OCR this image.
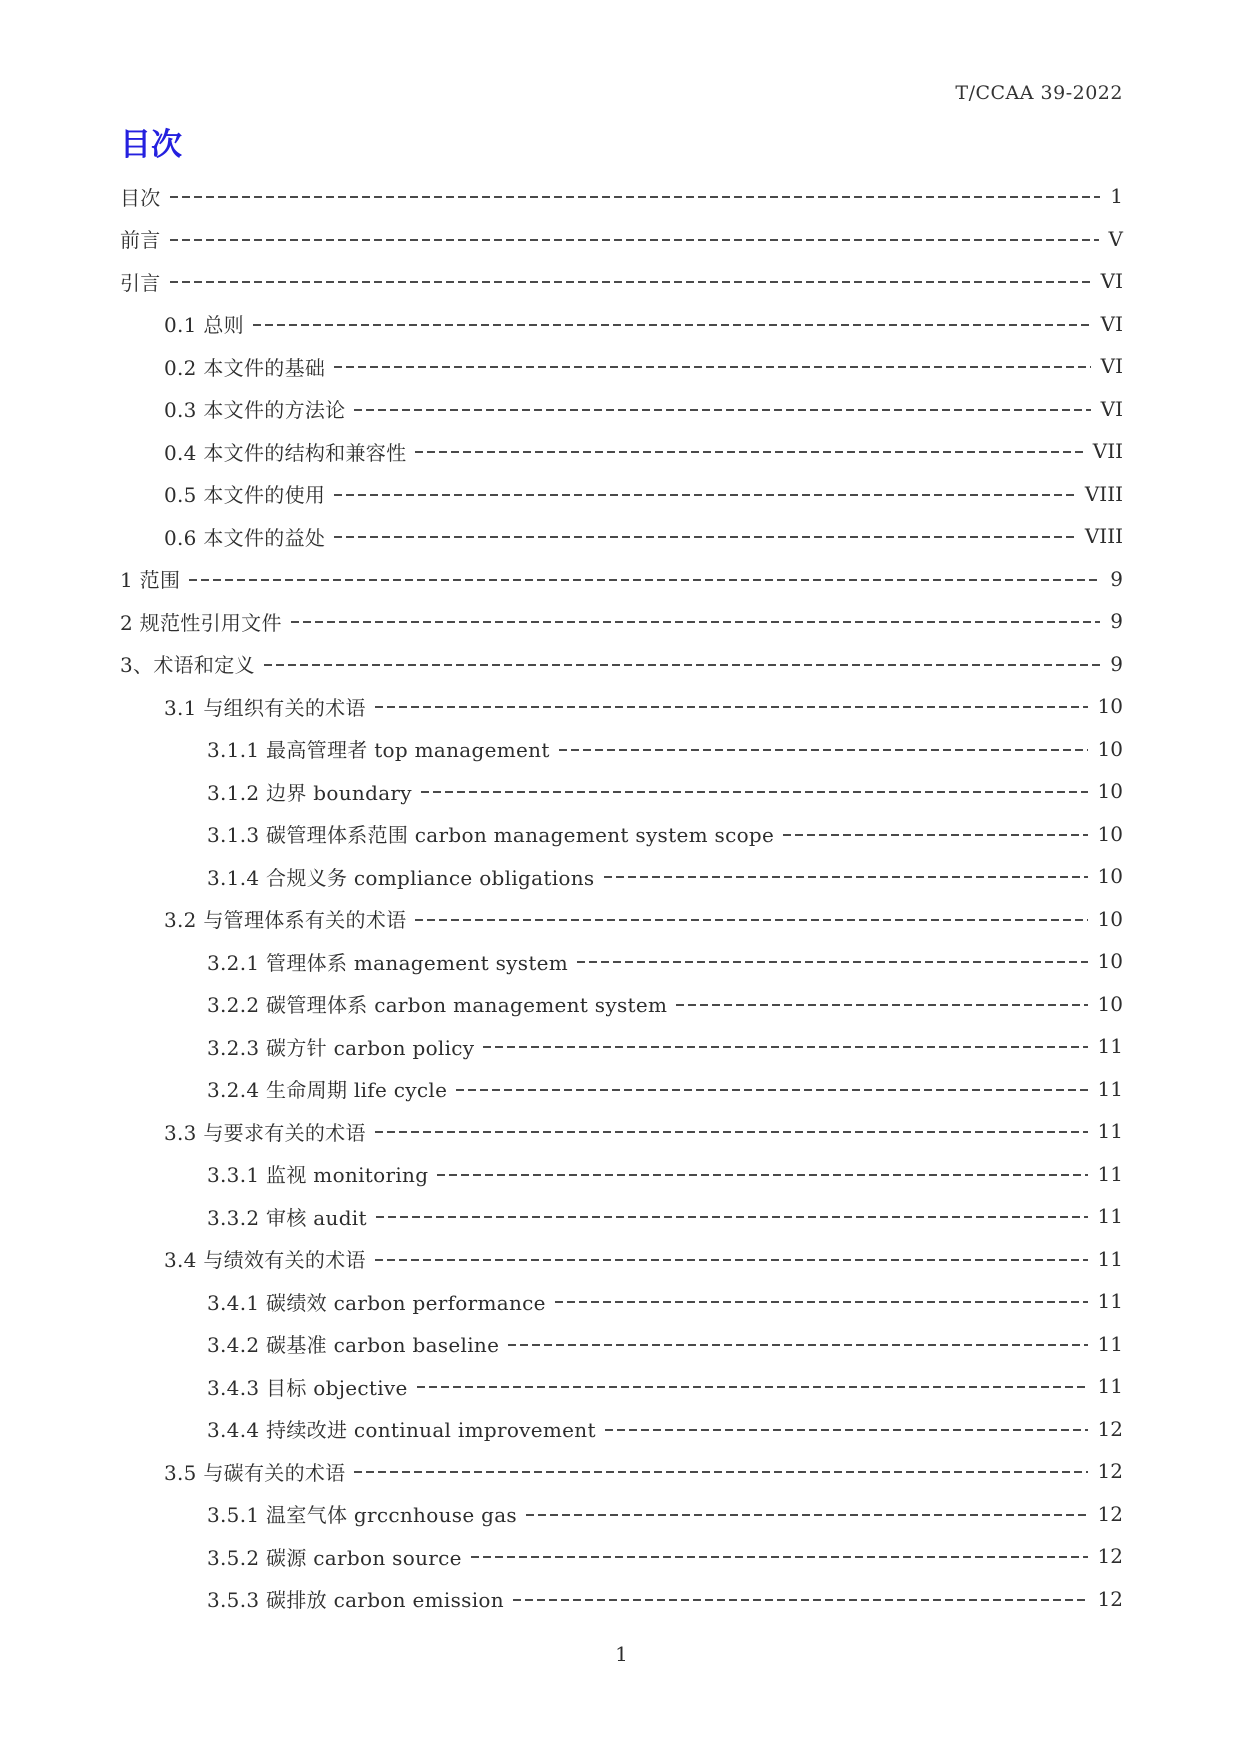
T/CCAA 39-2022
目次
目次	1
前言	V
引言	VI
0.1 总则	VI
0.2 本文件的基础	VI
0.3 本文件的方法论	VI
0.4 本文件的结构和兼容性	VII
0.5 本文件的使用	VIII
0.6 本文件的益处	VIII
1 范围	9
2 规范性引用文件	9
3、术语和定义	9
3.1 与组织有关的术语	10
3.1.1 最高管理者 top management	10
3.1.2 边界 boundary	10
3.1.3 碳管理体系范围 carbon management system scope	10
3.1.4 合规义务 compliance obligations	10
3.2 与管理体系有关的术语	10
3.2.1 管理体系 management system	10
3.2.2 碳管理体系 carbon management system	10
3.2.3 碳方针 carbon policy	11
3.2.4 生命周期 life cycle	11
3.3 与要求有关的术语	11
3.3.1 监视 monitoring	11
3.3.2 审核 audit	11
3.4 与绩效有关的术语	11
3.4.1 碳绩效 carbon performance	11
3.4.2 碳基准 carbon baseline	11
3.4.3 目标 objective	11
3.4.4 持续改进 continual improvement	12
3.5 与碳有关的术语	12
3.5.1 温室气体 grccnhouse gas	12
3.5.2 碳源 carbon source	12
3.5.3 碳排放 carbon emission	12
1
